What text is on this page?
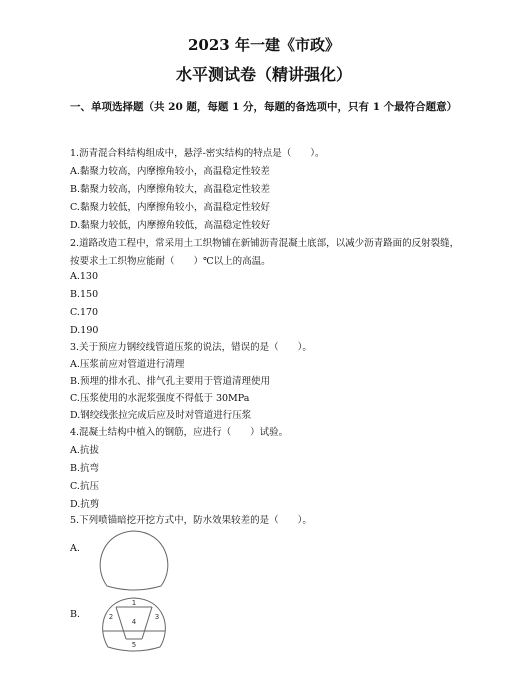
2023 年一建《市政》
水平测试卷（精讲强化）
一、单项选择题（共 20 题，每题 1 分，每题的备选项中，只有 1 个最符合题意）
1.沥青混合料结构组成中，悬浮-密实结构的特点是（　　）。
A.黏聚力较高，内摩擦角较小，高温稳定性较差
B.黏聚力较高，内摩擦角较大，高温稳定性较差
C.黏聚力较低，内摩擦角较小，高温稳定性较好
D.黏聚力较低，内摩擦角较低，高温稳定性较好
2.道路改造工程中，常采用土工织物铺在新铺沥青混凝土底部，以减少沥青路面的反射裂缝，按要求土工织物应能耐（　　）℃以上的高温。
A.130
B.150
C.170
D.190
3.关于预应力钢绞线管道压浆的说法，错误的是（　　）。
A.压浆前应对管道进行清理
B.预埋的排水孔、排气孔主要用于管道清理使用
C.压浆使用的水泥浆强度不得低于 30MPa
D.钢绞线张拉完成后应及时对管道进行压浆
4.混凝土结构中植入的钢筋，应进行（　　）试验。
A.抗拔
B.抗弯
C.抗压
D.抗剪
5.下列喷锚暗挖开挖方式中，防水效果较差的是（　　）。
A.
B.
1
2	3
4
5
